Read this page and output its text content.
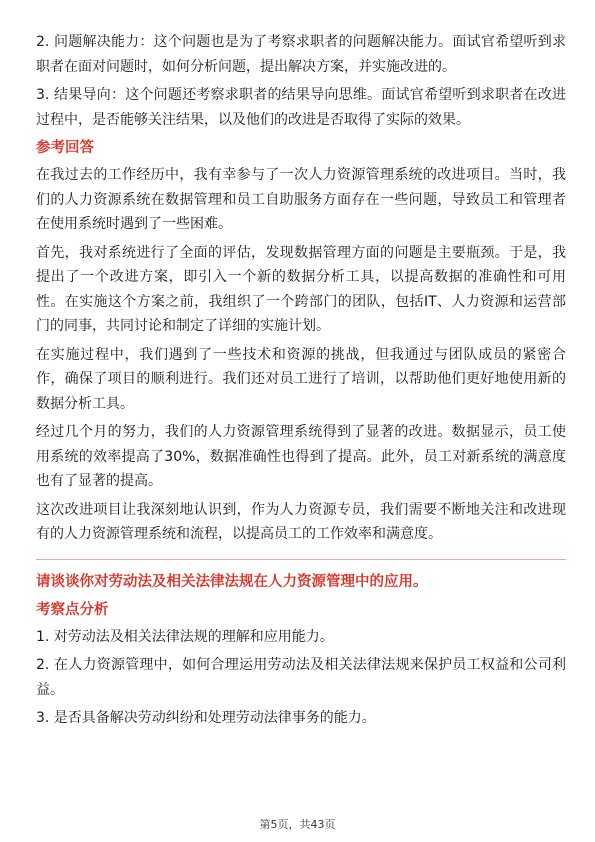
2. 问题解决能力：这个问题也是为了考察求职者的问题解决能力。面试官希望听到求职者在面对问题时，如何分析问题，提出解决方案，并实施改进的。

3. 结果导向：这个问题还考察求职者的结果导向思维。面试官希望听到求职者在改进过程中，是否能够关注结果，以及他们的改进是否取得了实际的效果。

参考回答

在我过去的工作经历中，我有幸参与了一次人力资源管理系统的改进项目。当时，我们的人力资源系统在数据管理和员工自助服务方面存在一些问题，导致员工和管理者在使用系统时遇到了一些困难。

首先，我对系统进行了全面的评估，发现数据管理方面的问题是主要瓶颈。于是，我提出了一个改进方案，即引入一个新的数据分析工具，以提高数据的准确性和可用性。在实施这个方案之前，我组织了一个跨部门的团队，包括IT、人力资源和运营部门的同事，共同讨论和制定了详细的实施计划。

在实施过程中，我们遇到了一些技术和资源的挑战，但我通过与团队成员的紧密合作，确保了项目的顺利进行。我们还对员工进行了培训，以帮助他们更好地使用新的数据分析工具。

经过几个月的努力，我们的人力资源管理系统得到了显著的改进。数据显示，员工使用系统的效率提高了30%，数据准确性也得到了提高。此外，员工对新系统的满意度也有了显著的提高。

这次改进项目让我深刻地认识到，作为人力资源专员，我们需要不断地关注和改进现有的人力资源管理系统和流程，以提高员工的工作效率和满意度。

请谈谈你对劳动法及相关法律法规在人力资源管理中的应用。
考察点分析

1. 对劳动法及相关法律法规的理解和应用能力。

2. 在人力资源管理中，如何合理运用劳动法及相关法律法规来保护员工权益和公司利益。

3. 是否具备解决劳动纠纷和处理劳动法律事务的能力。

第5页，共43页
